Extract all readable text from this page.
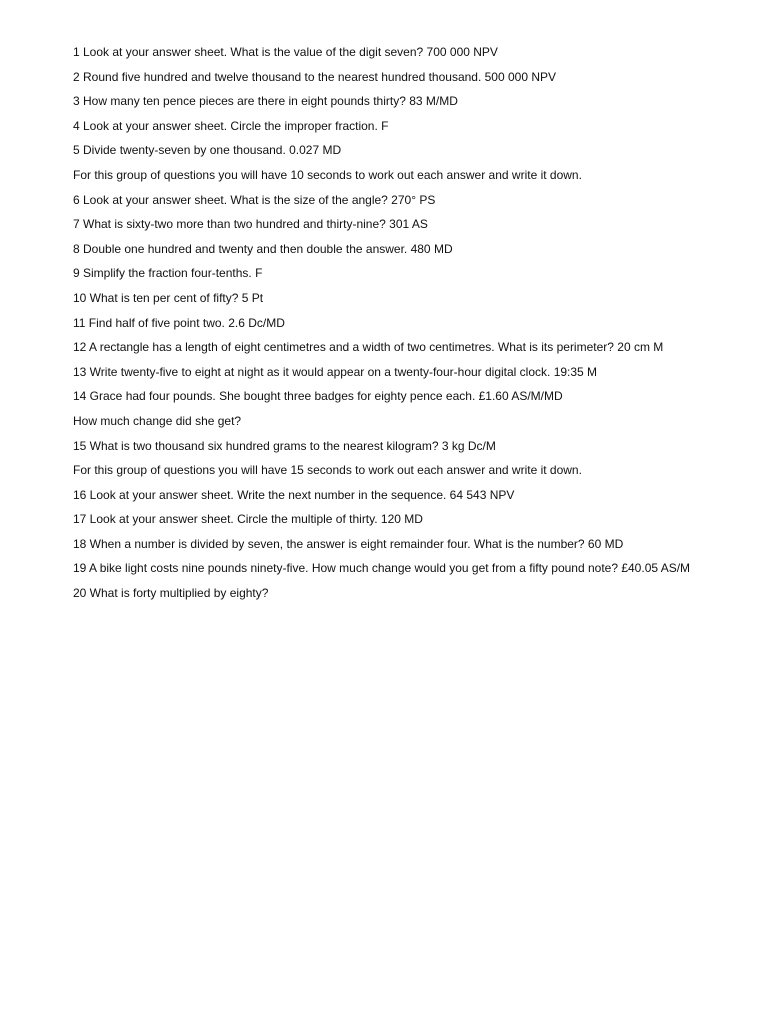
1 Look at your answer sheet. What is the value of the digit seven? 700 000 NPV
2 Round five hundred and twelve thousand to the nearest hundred thousand. 500 000 NPV
3 How many ten pence pieces are there in eight pounds thirty? 83 M/MD
4 Look at your answer sheet. Circle the improper fraction. F
5 Divide twenty-seven by one thousand. 0.027 MD
For this group of questions you will have 10 seconds to work out each answer and write it down.
6 Look at your answer sheet. What is the size of the angle? 270° PS
7 What is sixty-two more than two hundred and thirty-nine? 301 AS
8 Double one hundred and twenty and then double the answer. 480 MD
9 Simplify the fraction four-tenths. F
10 What is ten per cent of fifty? 5 Pt
11 Find half of five point two. 2.6 Dc/MD
12 A rectangle has a length of eight centimetres and a width of two centimetres. What is its perimeter? 20 cm M
13 Write twenty-five to eight at night as it would appear on a twenty-four-hour digital clock. 19:35 M
14 Grace had four pounds. She bought three badges for eighty pence each. £1.60 AS/M/MD
How much change did she get?
15 What is two thousand six hundred grams to the nearest kilogram? 3 kg Dc/M
For this group of questions you will have 15 seconds to work out each answer and write it down.
16 Look at your answer sheet. Write the next number in the sequence. 64 543 NPV
17 Look at your answer sheet. Circle the multiple of thirty. 120 MD
18 When a number is divided by seven, the answer is eight remainder four. What is the number? 60 MD
19 A bike light costs nine pounds ninety-five. How much change would you get from a fifty pound note? £40.05 AS/M
20 What is forty multiplied by eighty?
